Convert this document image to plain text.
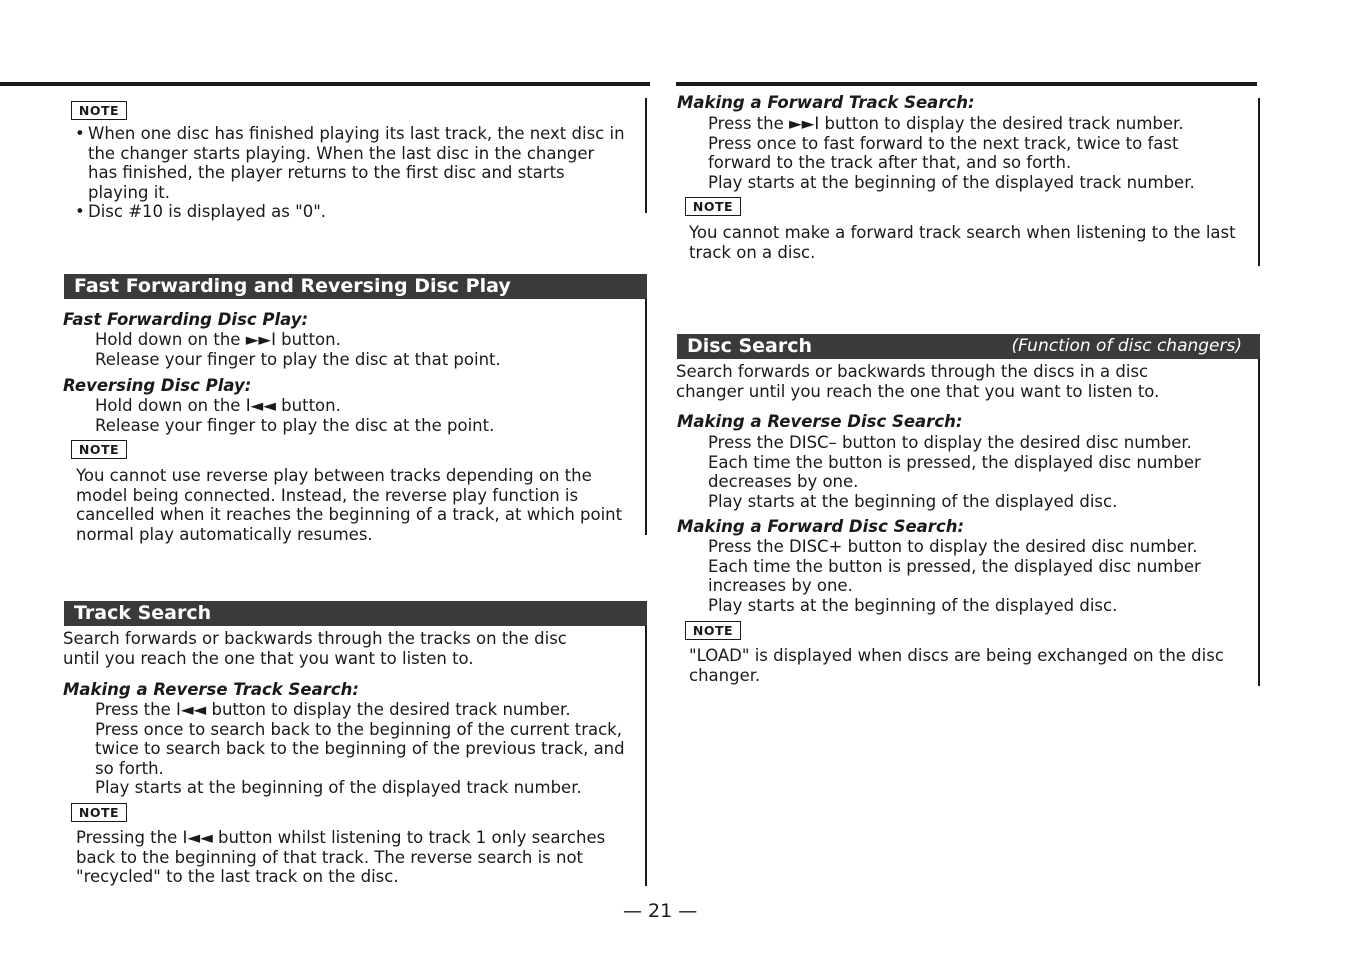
NOTE
• When one disc has finished playing its last track, the next disc in
the changer starts playing. When the last disc in the changer
has finished, the player returns to the first disc and starts
playing it.
• Disc #10 is displayed as "0".
Fast Forwarding and Reversing Disc Play
Fast Forwarding Disc Play:
Hold down on the ►►I button.
Release your finger to play the disc at that point.
Reversing Disc Play:
Hold down on the I◄◄ button.
Release your finger to play the disc at the point.
NOTE
You cannot use reverse play between tracks depending on the
model being connected. Instead, the reverse play function is
cancelled when it reaches the beginning of a track, at which point
normal play automatically resumes.
Track Search
Search forwards or backwards through the tracks on the disc
until you reach the one that you want to listen to.
Making a Reverse Track Search:
Press the I◄◄ button to display the desired track number.
Press once to search back to the beginning of the current track,
twice to search back to the beginning of the previous track, and
so forth.
Play starts at the beginning of the displayed track number.
NOTE
Pressing the I◄◄ button whilst listening to track 1 only searches
back to the beginning of that track. The reverse search is not
"recycled" to the last track on the disc.
Making a Forward Track Search:
Press the ►►I button to display the desired track number.
Press once to fast forward to the next track, twice to fast
forward to the track after that, and so forth.
Play starts at the beginning of the displayed track number.
NOTE
You cannot make a forward track search when listening to the last
track on a disc.
Disc Search	(Function of disc changers)
Search forwards or backwards through the discs in a disc
changer until you reach the one that you want to listen to.
Making a Reverse Disc Search:
Press the DISC– button to display the desired disc number.
Each time the button is pressed, the displayed disc number
decreases by one.
Play starts at the beginning of the displayed disc.
Making a Forward Disc Search:
Press the DISC+ button to display the desired disc number.
Each time the button is pressed, the displayed disc number
increases by one.
Play starts at the beginning of the displayed disc.
NOTE
"LOAD" is displayed when discs are being exchanged on the disc
changer.
— 21 —
